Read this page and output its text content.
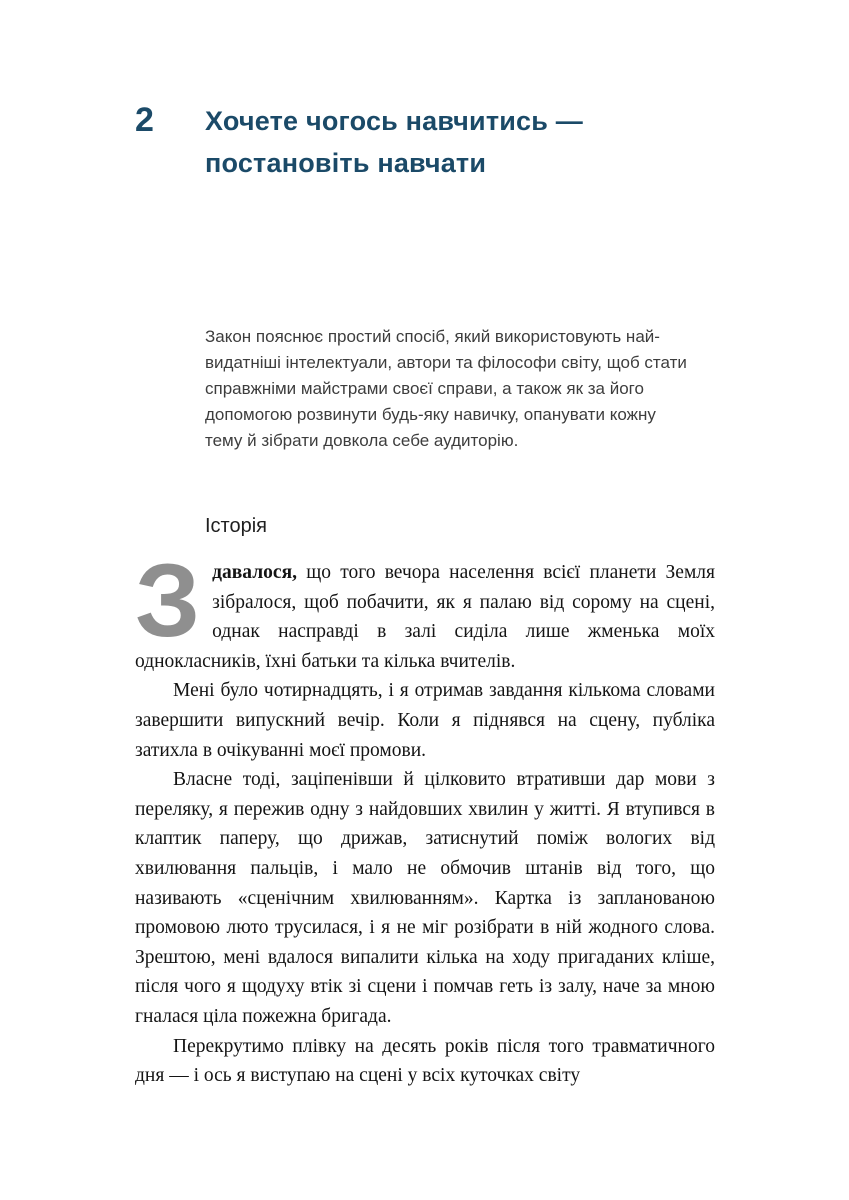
2	Хочете чогось навчитись —
постановіть навчати
Закон пояснює простий спосіб, який використовують найвидатніші інтелектуали, автори та філософи світу, щоб стати справжніми майстрами своєї справи, а також як за його допомогою розвинути будь-яку навичку, опанувати кожну тему й зібрати довкола себе аудиторію.
Історія

Здавалося, що того вечора населення всієї планети Земля зібралося, щоб побачити, як я палаю від сорому на сцені, однак насправді в залі сиділа лише жменька моїх однокласників, їхні батьки та кілька вчителів.

Мені було чотирнадцять, і я отримав завдання кількома словами завершити випускний вечір. Коли я піднявся на сцену, публіка затихла в очікуванні моєї промови.

Власне тоді, заціпенівши й цілковито втративши дар мови з переляку, я пережив одну з найдовших хвилин у житті. Я втупився в клаптик паперу, що дрижав, затиснутий поміж вологих від хвилювання пальців, і мало не обмочив штанів від того, що називають «сценічним хвилюванням». Картка із запланованою промовою люто трусилася, і я не міг розібрати в ній жодного слова. Зрештою, мені вдалося випалити кілька на ходу пригаданих кліше, після чого я щодуху втік зі сцени і помчав геть із залу, наче за мною гналася ціла пожежна бригада.

Перекрутимо плівку на десять років після того травматичного дня — і ось я виступаю на сцені у всіх куточках світу
